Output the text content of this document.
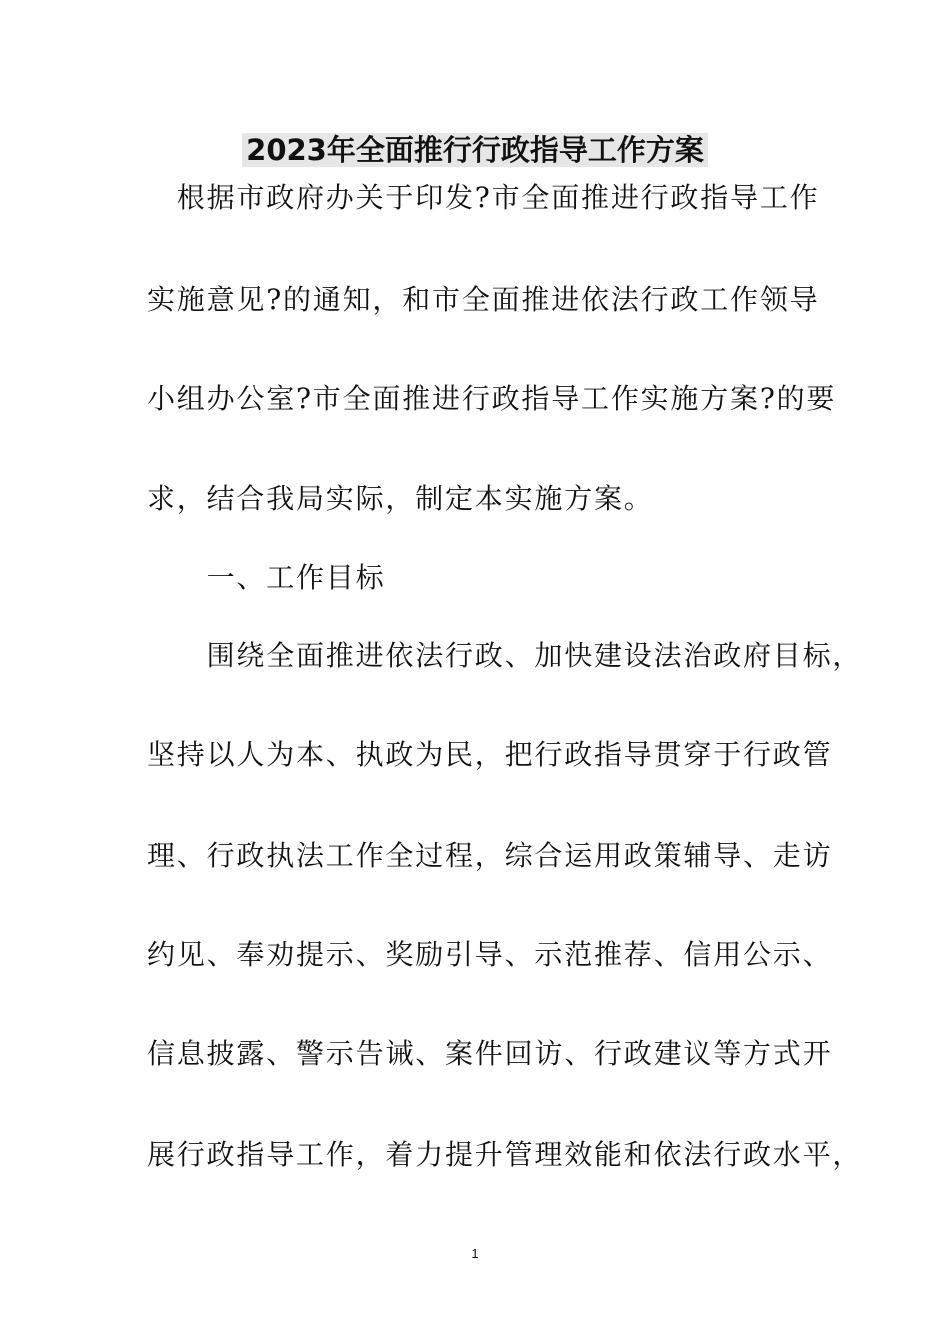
2023年全面推行行政指导工作方案
　根据市政府办关于印发?市全面推进行政指导工作
实施意见?的通知，和市全面推进依法行政工作领导
小组办公室?市全面推进行政指导工作实施方案?的要
求，结合我局实际，制定本实施方案。
　　一、工作目标
　　围绕全面推进依法行政、加快建设法治政府目标，
坚持以人为本、执政为民，把行政指导贯穿于行政管
理、行政执法工作全过程，综合运用政策辅导、走访
约见、奉劝提示、奖励引导、示范推荐、信用公示、
信息披露、警示告诫、案件回访、行政建议等方式开
展行政指导工作，着力提升管理效能和依法行政水平，
1
